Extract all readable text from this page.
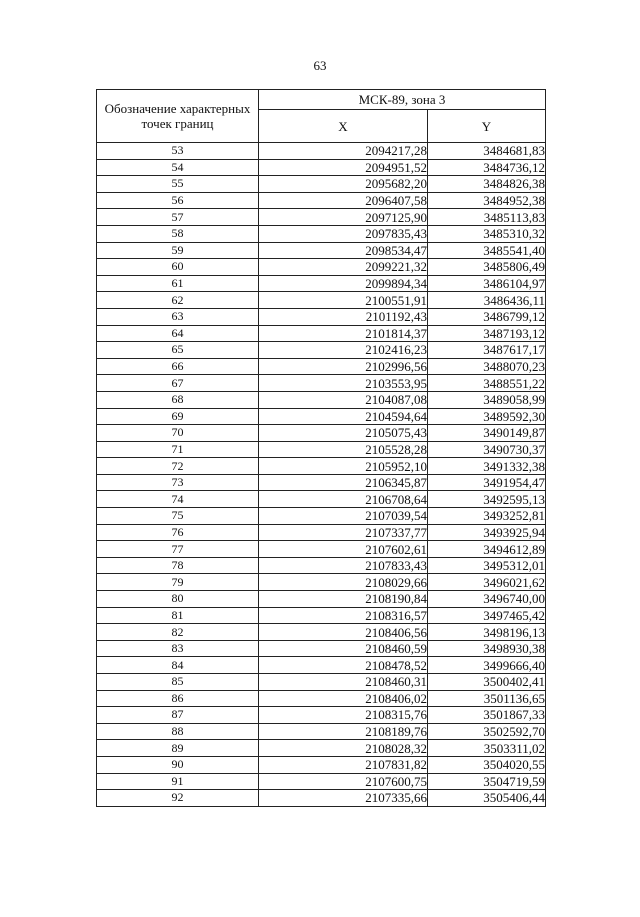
63
Обозначение характерных точек границ	МСК-89, зона 3	
	X	Y
53	2094217,28	3484681,83
54	2094951,52	3484736,12
55	2095682,20	3484826,38
56	2096407,58	3484952,38
57	2097125,90	3485113,83
58	2097835,43	3485310,32
59	2098534,47	3485541,40
60	2099221,32	3485806,49
61	2099894,34	3486104,97
62	2100551,91	3486436,11
63	2101192,43	3486799,12
64	2101814,37	3487193,12
65	2102416,23	3487617,17
66	2102996,56	3488070,23
67	2103553,95	3488551,22
68	2104087,08	3489058,99
69	2104594,64	3489592,30
70	2105075,43	3490149,87
71	2105528,28	3490730,37
72	2105952,10	3491332,38
73	2106345,87	3491954,47
74	2106708,64	3492595,13
75	2107039,54	3493252,81
76	2107337,77	3493925,94
77	2107602,61	3494612,89
78	2107833,43	3495312,01
79	2108029,66	3496021,62
80	2108190,84	3496740,00
81	2108316,57	3497465,42
82	2108406,56	3498196,13
83	2108460,59	3498930,38
84	2108478,52	3499666,40
85	2108460,31	3500402,41
86	2108406,02	3501136,65
87	2108315,76	3501867,33
88	2108189,76	3502592,70
89	2108028,32	3503311,02
90	2107831,82	3504020,55
91	2107600,75	3504719,59
92	2107335,66	3505406,44
